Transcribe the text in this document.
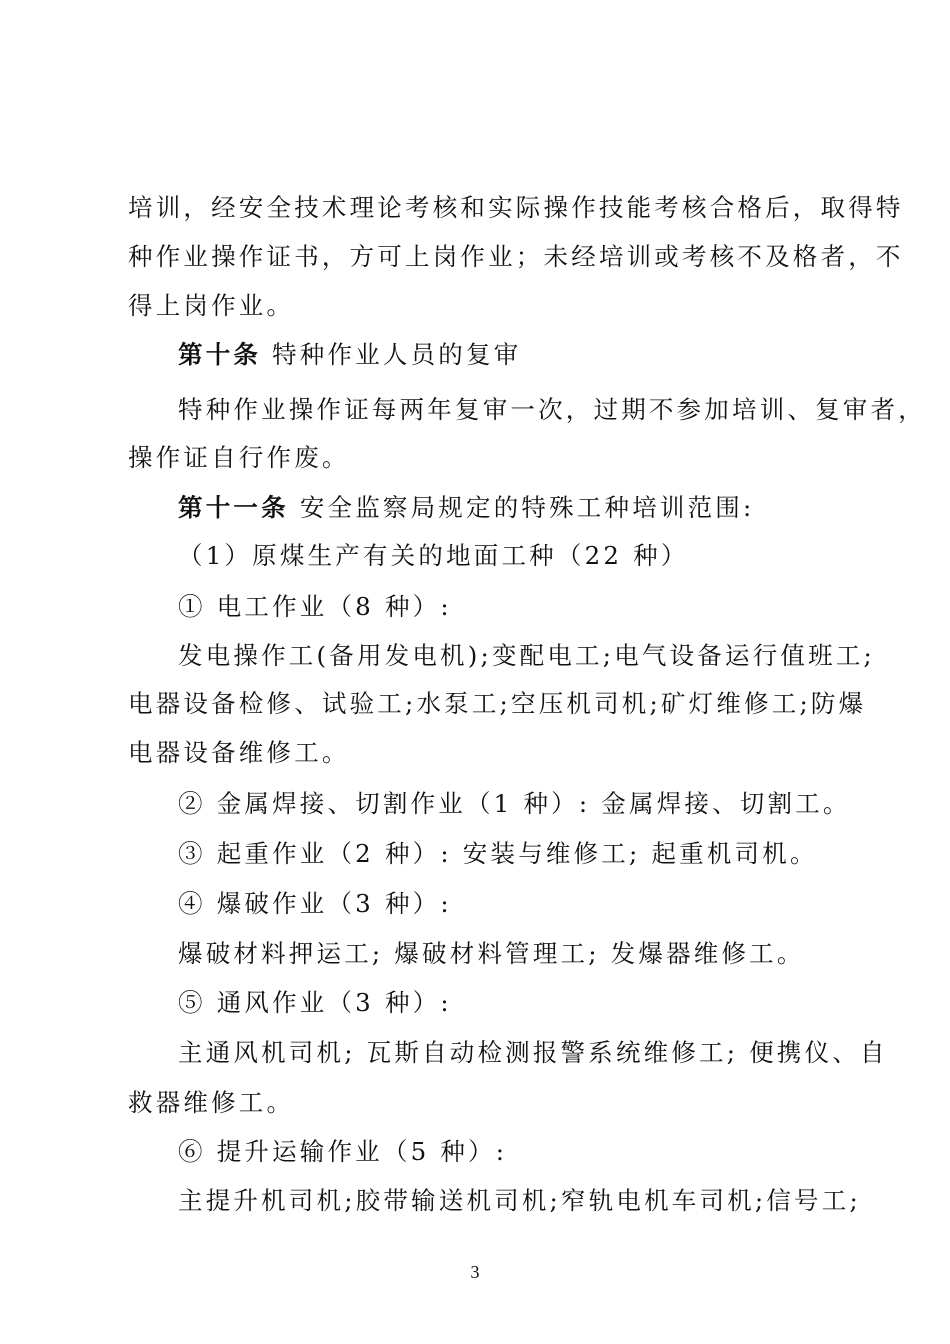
培训，经安全技术理论考核和实际操作技能考核合格后，取得特
种作业操作证书，方可上岗作业；未经培训或考核不及格者，不
得上岗作业。
第十条 特种作业人员的复审
特种作业操作证每两年复审一次，过期不参加培训、复审者，
操作证自行作废。
第十一条 安全监察局规定的特殊工种培训范围:
（1）原煤生产有关的地面工种（22 种）
① 电工作业（8 种）:
发电操作工(备用发电机);变配电工;电气设备运行值班工;
电器设备检修、试验工;水泵工;空压机司机;矿灯维修工;防爆
电器设备维修工。
② 金属焊接、切割作业（1 种）: 金属焊接、切割工。
③ 起重作业（2 种）: 安装与维修工; 起重机司机。
④ 爆破作业（3 种）:
爆破材料押运工; 爆破材料管理工; 发爆器维修工。
⑤ 通风作业（3 种）:
主通风机司机; 瓦斯自动检测报警系统维修工; 便携仪、自
救器维修工。
⑥ 提升运输作业（5 种）:
主提升机司机;胶带输送机司机;窄轨电机车司机;信号工;
3
